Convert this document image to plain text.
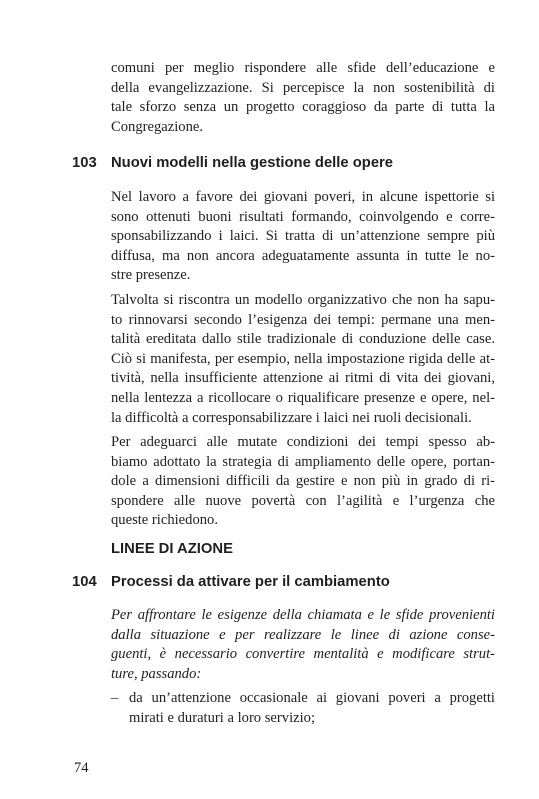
comuni per meglio rispondere alle sfide dell’educazione e
della evangelizzazione. Si percepisce la non sostenibilità di
tale sforzo senza un progetto coraggioso da parte di tutta la
Congregazione.
103 Nuovi modelli nella gestione delle opere
Nel lavoro a favore dei giovani poveri, in alcune ispettorie si
sono ottenuti buoni risultati formando, coinvolgendo e corre-
sponsabilizzando i laici. Si tratta di un’attenzione sempre più
diffusa, ma non ancora adeguatamente assunta in tutte le no-
stre presenze.
Talvolta si riscontra un modello organizzativo che non ha sapu-
to rinnovarsi secondo l’esigenza dei tempi: permane una men-
talità ereditata dallo stile tradizionale di conduzione delle case.
Ciò si manifesta, per esempio, nella impostazione rigida delle at-
tività, nella insufficiente attenzione ai ritmi di vita dei giovani,
nella lentezza a ricollocare o riqualificare presenze e opere, nel-
la difficoltà a corresponsabilizzare i laici nei ruoli decisionali.
Per adeguarci alle mutate condizioni dei tempi spesso ab-
biamo adottato la strategia di ampliamento delle opere, portan-
dole a dimensioni difficili da gestire e non più in grado di ri-
spondere alle nuove povertà con l’agilità e l’urgenza che
queste richiedono.
LINEE DI AZIONE
104 Processi da attivare per il cambiamento
Per affrontare le esigenze della chiamata e le sfide provenienti
dalla situazione e per realizzare le linee di azione conse-
guenti, è necessario convertire mentalità e modificare strut-
ture, passando:
– da un’attenzione occasionale ai giovani poveri a progetti
mirati e duraturi a loro servizio;
74
